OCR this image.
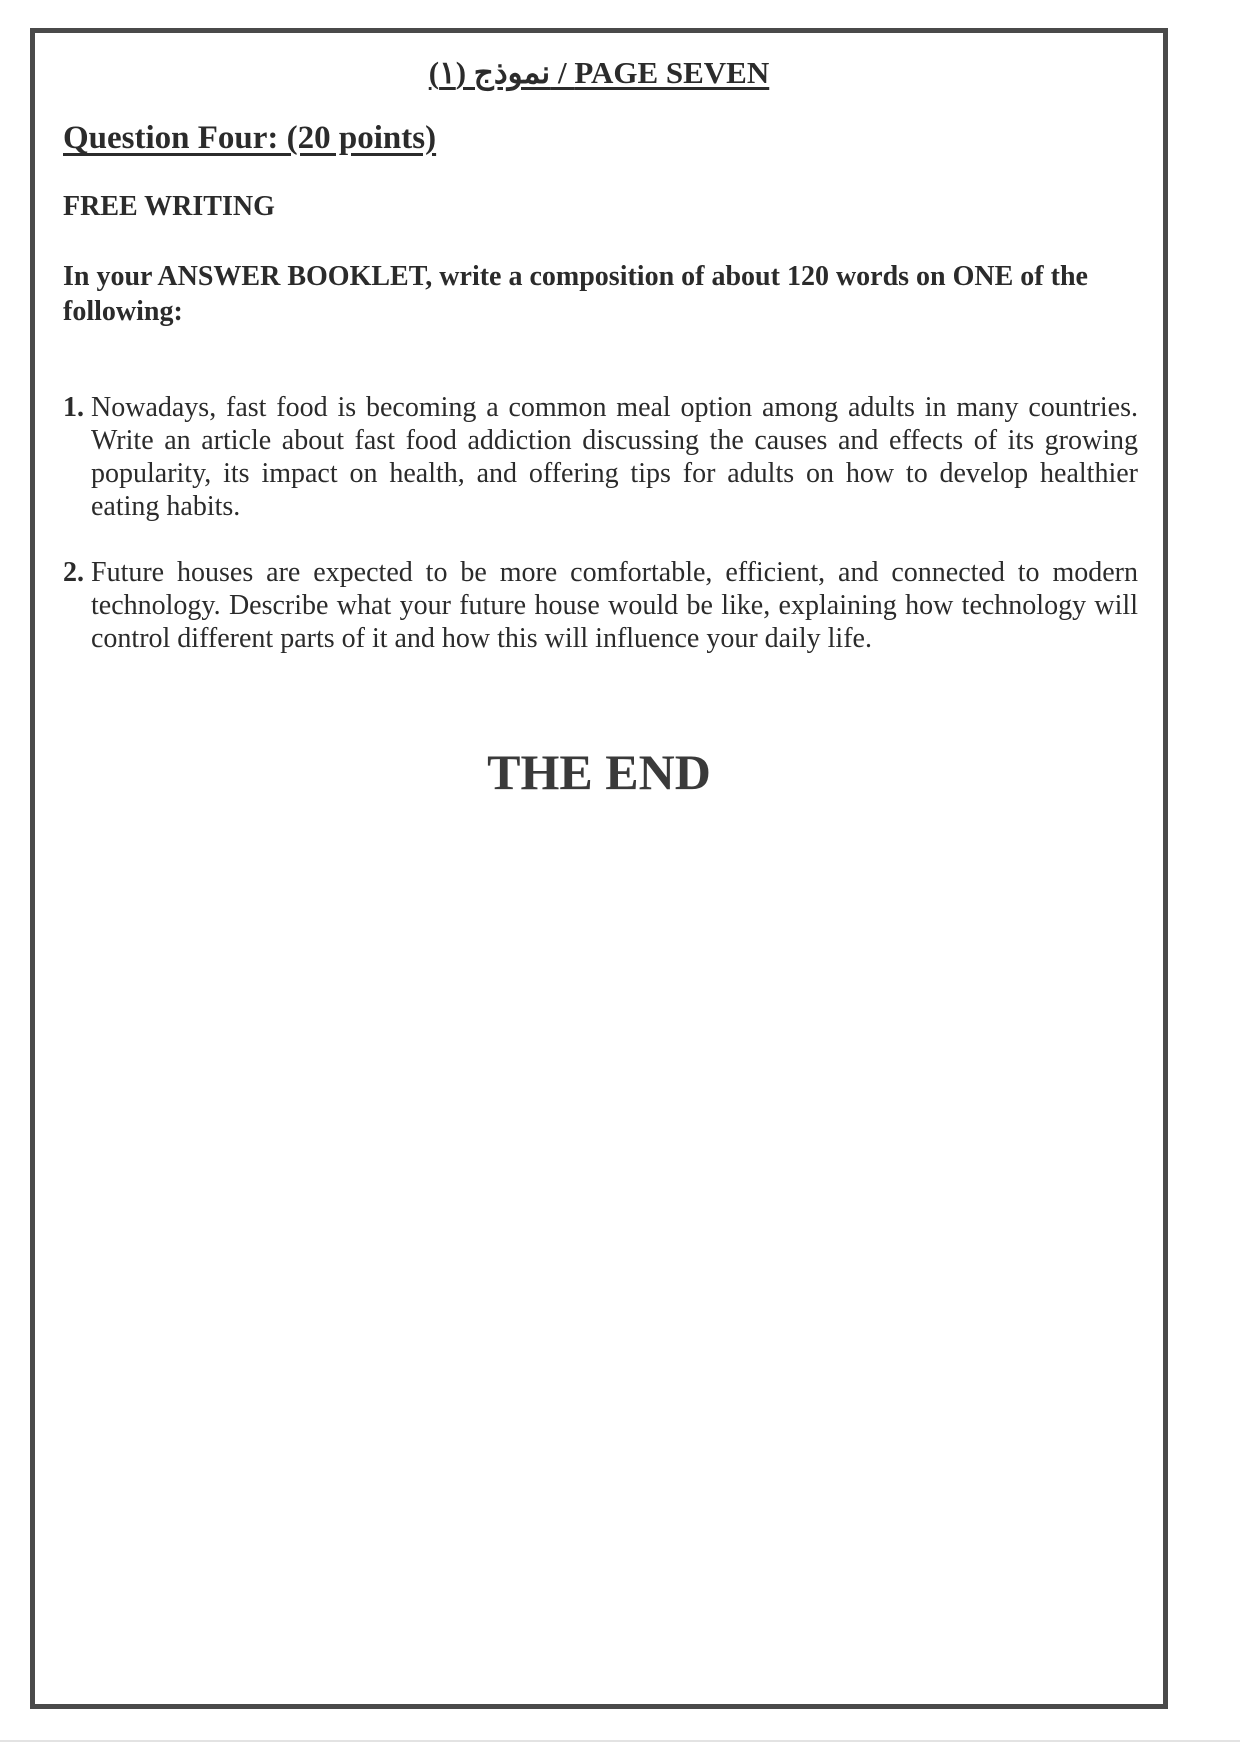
نموذج (١) / PAGE SEVEN
Question Four: (20 points)
FREE WRITING
In your ANSWER BOOKLET, write a composition of about 120 words on ONE of the following:
1. Nowadays, fast food is becoming a common meal option among adults in many countries. Write an article about fast food addiction discussing the causes and effects of its growing popularity, its impact on health, and offering tips for adults on how to develop healthier eating habits.
2. Future houses are expected to be more comfortable, efficient, and connected to modern technology. Describe what your future house would be like, explaining how technology will control different parts of it and how this will influence your daily life.
THE END
